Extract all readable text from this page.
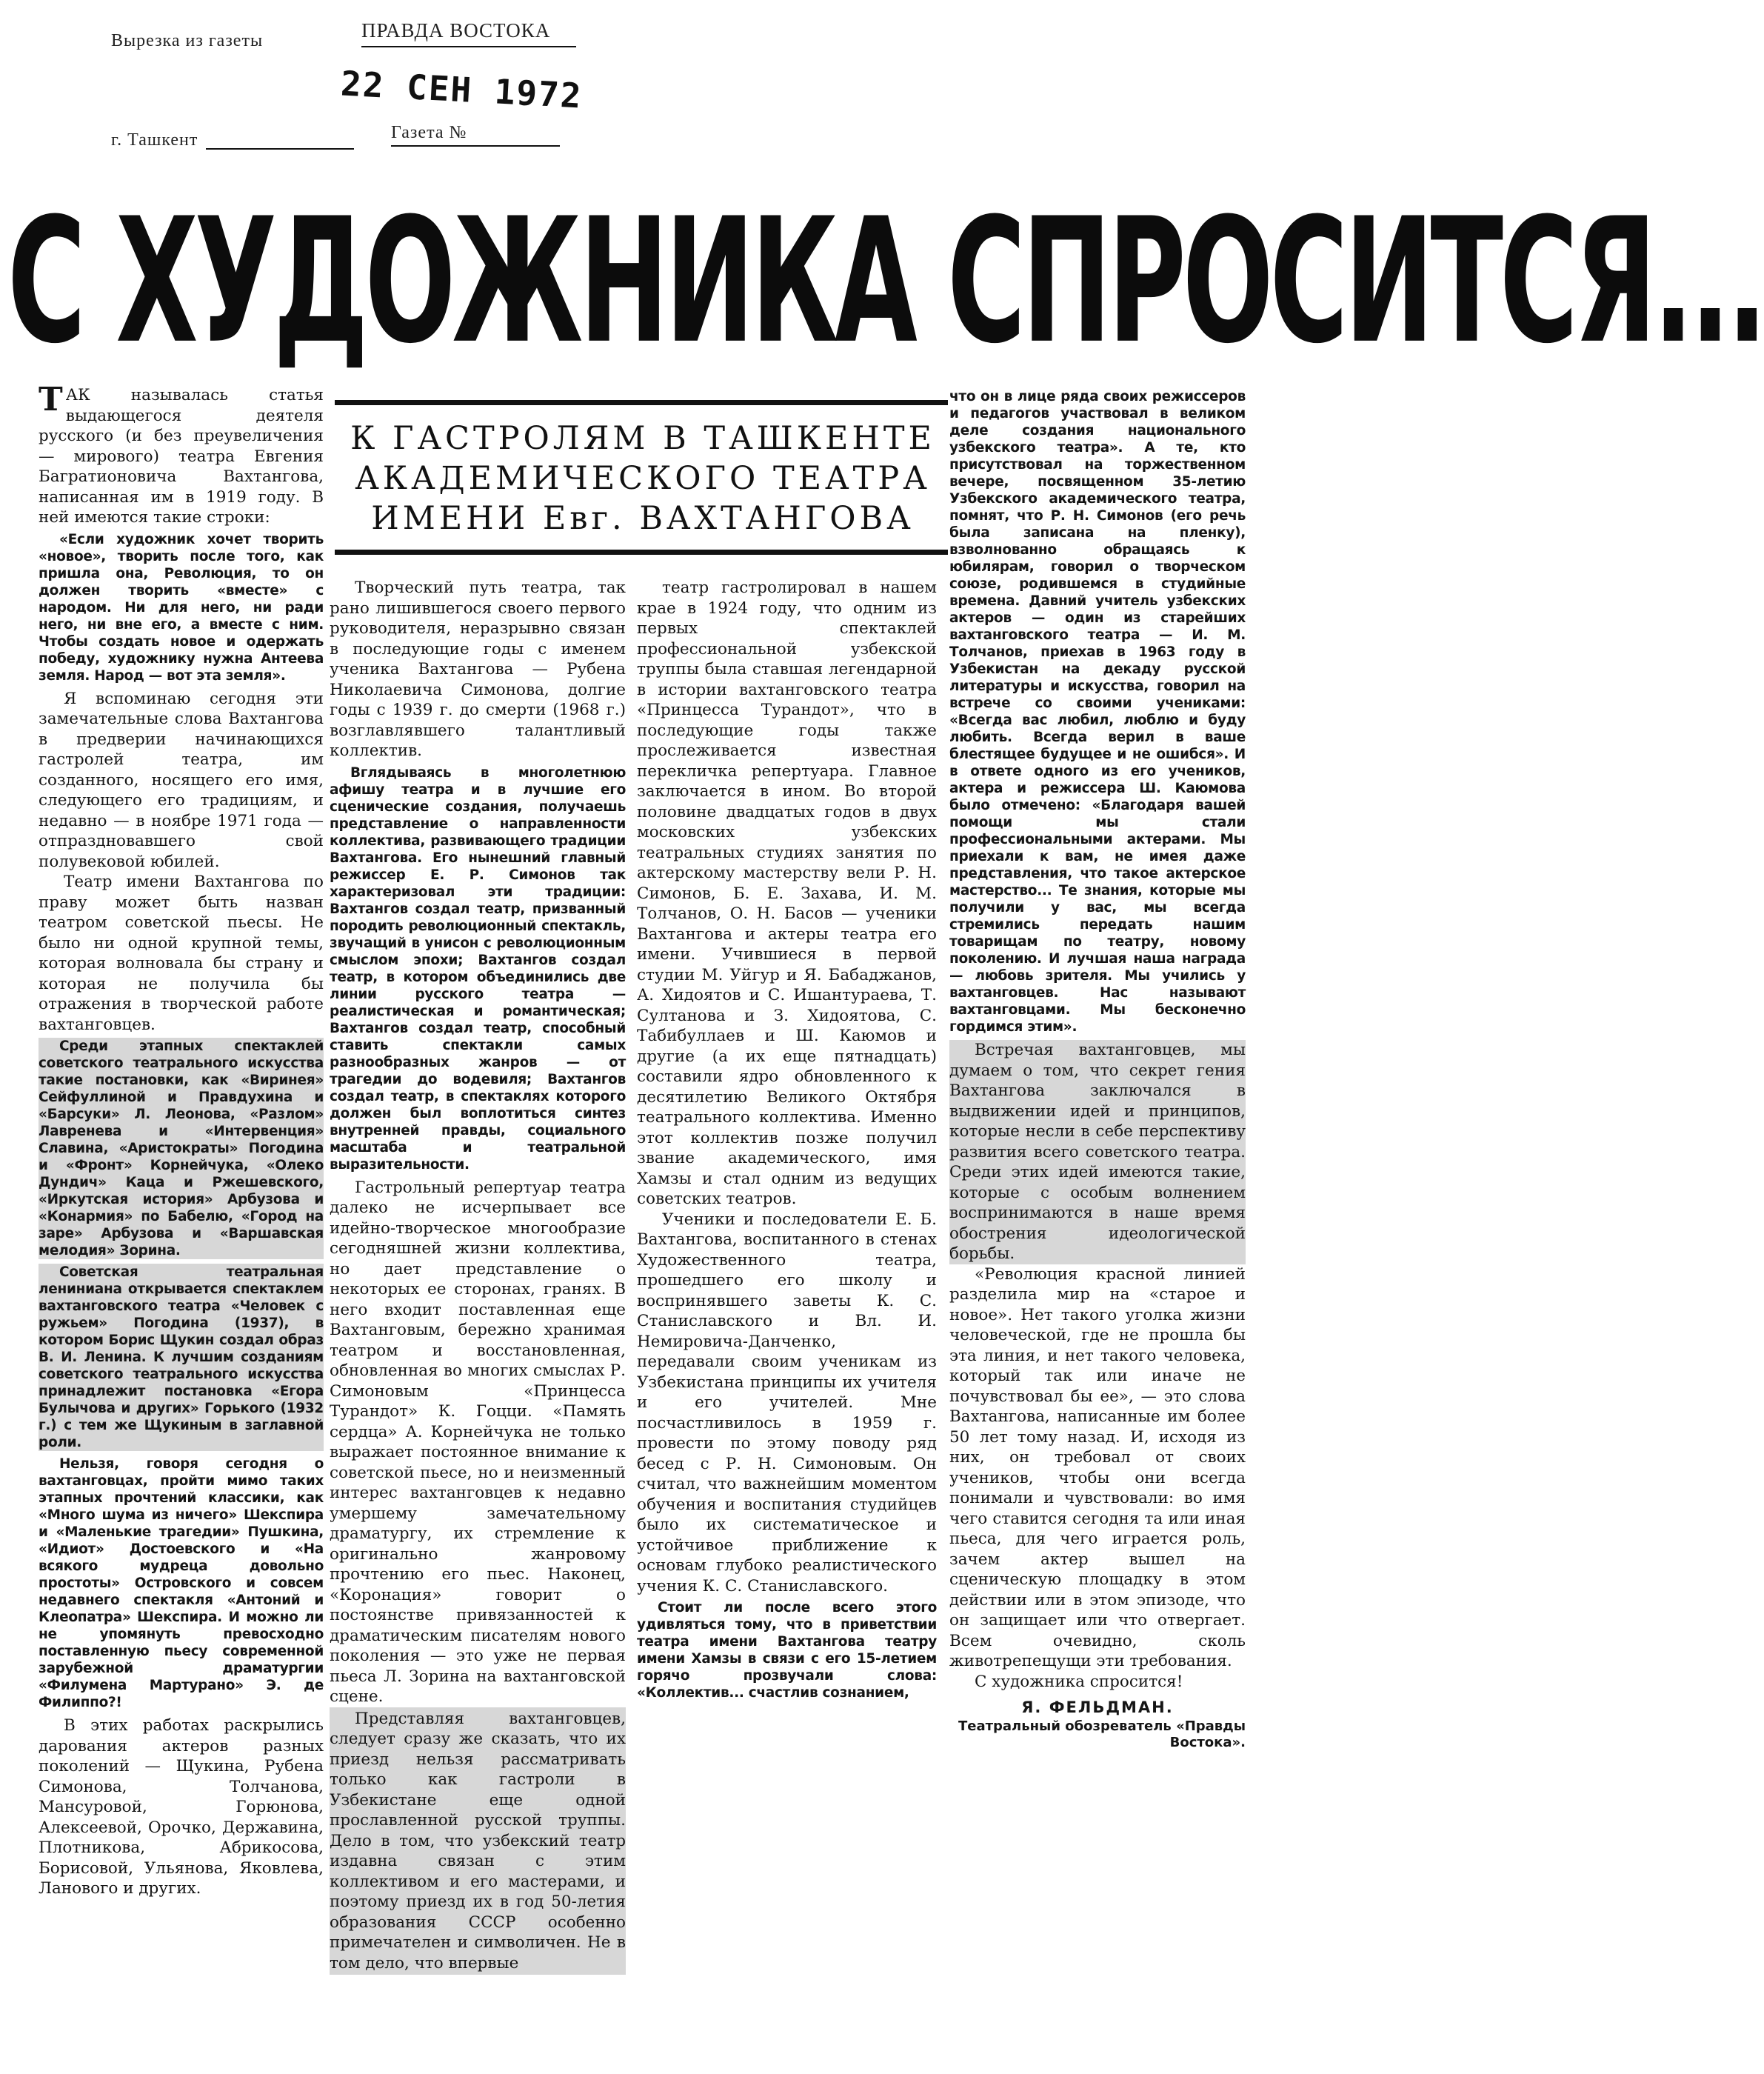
Вырезка из газеты	ПРАВДА ВОСТОКА
22 СЕН 1972
г. Ташкент	Газета №
С ХУДОЖНИКА СПРОСИТСЯ...
К ГАСТРОЛЯМ В ТАШКЕНТЕ
АКАДЕМИЧЕСКОГО ТЕАТРА
ИМЕНИ Евг. ВАХТАНГОВА

ТАК называлась статья выдающегося деятеля русского (и без преувеличения — мирового) театра Евгения Багратионовича Вахтангова, написанная им в 1919 году. В ней имеются такие строки:

«Если художник хочет творить «новое», творить после того, как пришла она, Революция, то он должен творить «вместе» с народом. Ни для него, ни ради него, ни вне его, а вместе с ним. Чтобы создать новое и одержать победу, художнику нужна Антеева земля. Народ — вот эта земля».

Я вспоминаю сегодня эти замечательные слова Вахтангова в предверии начинающихся гастролей театра, им созданного, носящего его имя, следующего его традициям, и недавно — в ноябре 1971 года — отпраздновавшего свой полувековой юбилей.

Театр имени Вахтангова по праву может быть назван театром советской пьесы. Не было ни одной крупной темы, которая волновала бы страну и которая не получила бы отражения в творческой работе вахтанговцев.

Среди этапных спектаклей советского театрального искусства такие постановки, как «Виринея» Сейфуллиной и Правдухина и «Барсуки» Л. Леонова, «Разлом» Лавренева и «Интервенция» Славина, «Аристократы» Погодина и «Фронт» Корнейчука, «Олеко Дундич» Каца и Ржешевского, «Иркутская история» Арбузова и «Конармия» по Бабелю, «Город на заре» Арбузова и «Варшавская мелодия» Зорина.
Советская театральная лениниана открывается спектаклем вахтанговского театра «Человек с ружьем» Погодина (1937), в котором Борис Щукин создал образ В. И. Ленина. К лучшим созданиям советского театрального искусства принадлежит постановка «Егора Булычова и других» Горького (1932 г.) с тем же Щукиным в заглавной роли.
Нельзя, говоря сегодня о вахтанговцах, пройти мимо таких этапных прочтений классики, как «Много шума из ничего» Шекспира и «Маленькие трагедии» Пушкина, «Идиот» Достоевского и «На всякого мудреца довольно простоты» Островского и совсем недавнего спектакля «Антоний и Клеопатра» Шекспира. И можно ли не упомянуть превосходно поставленную пьесу современной зарубежной драматургии «Филумена Мартурано» Э. де Филиппо?!

В этих работах раскрылись дарования актеров разных поколений — Щукина, Рубена Симонова, Толчанова, Мансуровой, Горюнова, Алексеевой, Орочко, Державина, Плотникова, Абрикосова, Борисовой, Ульянова, Яковлева, Ланового и других.

Творческий путь театра, так рано лишившегося своего первого руководителя, неразрывно связан в последующие годы с именем ученика Вахтангова — Рубена Николаевича Симонова, долгие годы с 1939 г. до смерти (1968 г.) возглавлявшего талантливый коллектив.

Вглядываясь в многолетнюю афишу театра и в лучшие его сценические создания, получаешь представление о направленности коллектива, развивающего традиции Вахтангова. Его нынешний главный режиссер Е. Р. Симонов так характеризовал эти традиции: Вахтангов создал театр, призванный породить революционный спектакль, звучащий в унисон с революционным смыслом эпохи; Вахтангов создал театр, в котором объединились две линии русского театра — реалистическая и романтическая; Вахтангов создал театр, способный ставить спектакли самых разнообразных жанров — от трагедии до водевиля; Вахтангов создал театр, в спектаклях которого должен был воплотиться синтез внутренней правды, социального масштаба и театральной выразительности.

Гастрольный репертуар театра далеко не исчерпывает все идейно-творческое многообразие сегодняшней жизни коллектива, но дает представление о некоторых ее сторонах, гранях. В него входит поставленная еще Вахтанговым, бережно хранимая театром и восстановленная, обновленная во многих смыслах Р. Симоновым «Принцесса Турандот» К. Гоцци. «Память сердца» А. Корнейчука не только выражает постоянное внимание к советской пьесе, но и неизменный интерес вахтанговцев к недавно умершему замечательному драматургу, их стремление к оригинально жанровому прочтению его пьес. Наконец, «Коронация» говорит о постоянстве привязанностей к драматическим писателям нового поколения — это уже не первая пьеса Л. Зорина на вахтанговской сцене.

Представляя вахтанговцев, следует сразу же сказать, что их приезд нельзя рассматривать только как гастроли в Узбекистане еще одной прославленной русской труппы. Дело в том, что узбекский театр издавна связан с этим коллективом и его мастерами, и поэтому приезд их в год 50-летия образования СССР особенно примечателен и символичен. Не в том дело, что впервые

театр гастролировал в нашем крае в 1924 году, что одним из первых спектаклей профессиональной узбекской труппы была ставшая легендарной в истории вахтанговского театра «Принцесса Турандот», что в последующие годы также прослеживается известная перекличка репертуара. Главное заключается в ином. Во второй половине двадцатых годов в двух московских узбекских театральных студиях занятия по актерскому мастерству вели Р. Н. Симонов, Б. Е. Захава, И. М. Толчанов, О. Н. Басов — ученики Вахтангова и актеры театра его имени. Учившиеся в первой студии М. Уйгур и Я. Бабаджанов, А. Хидоятов и С. Ишантураева, Т. Султанова и З. Хидоятова, С. Табибуллаев и Ш. Каюмов и другие (а их еще пятнадцать) составили ядро обновленного к десятилетию Великого Октября театрального коллектива. Именно этот коллектив позже получил звание академического, имя Хамзы и стал одним из ведущих советских театров.

Ученики и последователи Е. Б. Вахтангова, воспитанного в стенах Художественного театра, прошедшего его школу и воспринявшего заветы К. С. Станиславского и Вл. И. Немировича-Данченко, передавали своим ученикам из Узбекистана принципы их учителя и его учителей. Мне посчастливилось в 1959 г. провести по этому поводу ряд бесед с Р. Н. Симоновым. Он считал, что важнейшим моментом обучения и воспитания студийцев было их систематическое и устойчивое приближение к основам глубоко реалистического учения К. С. Станиславского.

Стоит ли после всего этого удивляться тому, что в приветствии театра имени Вахтангова театру имени Хамзы в связи с его 15-летием горячо прозвучали слова: «Коллектив... счастлив сознанием,
что он в лице ряда своих режиссеров и педагогов участвовал в великом деле создания национального узбекского театра». А те, кто присутствовал на торжественном вечере, посвященном 35-летию Узбекского академического театра, помнят, что Р. Н. Симонов (его речь была записана на пленку), взволнованно обращаясь к юбилярам, говорил о творческом союзе, родившемся в студийные времена. Давний учитель узбекских актеров — один из старейших вахтанговского театра — И. М. Толчанов, приехав в 1963 году в Узбекистан на декаду русской литературы и искусства, говорил на встрече со своими учениками: «Всегда вас любил, люблю и буду любить. Всегда верил в ваше блестящее будущее и не ошибся». И в ответе одного из его учеников, актера и режиссера Ш. Каюмова было отмечено: «Благодаря вашей помощи мы стали профессиональными актерами. Мы приехали к вам, не имея даже представления, что такое актерское мастерство... Те знания, которые мы получили у вас, мы всегда стремились передать нашим товарищам по театру, новому поколению. И лучшая наша награда — любовь зрителя. Мы учились у вахтанговцев. Нас называют вахтанговцами. Мы бесконечно гордимся этим».

Встречая вахтанговцев, мы думаем о том, что секрет гения Вахтангова заключался в выдвижении идей и принципов, которые несли в себе перспективу развития всего советского театра. Среди этих идей имеются такие, которые с особым волнением воспринимаются в наше время обострения идеологической борьбы.

«Революция красной линией разделила мир на «старое и новое». Нет такого уголка жизни человеческой, где не прошла бы эта линия, и нет такого человека, который так или иначе не почувствовал бы ее», — это слова Вахтангова, написанные им более 50 лет тому назад. И, исходя из них, он требовал от своих учеников, чтобы они всегда понимали и чувствовали: во имя чего ставится сегодня та или иная пьеса, для чего играется роль, зачем актер вышел на сценическую площадку в этом действии или в этом эпизоде, что он защищает или что отвергает. Всем очевидно, сколь животрепещущи эти требования.

С художника спросится!

Я. ФЕЛЬДМАН.
Театральный обозреватель «Правды Востока».
